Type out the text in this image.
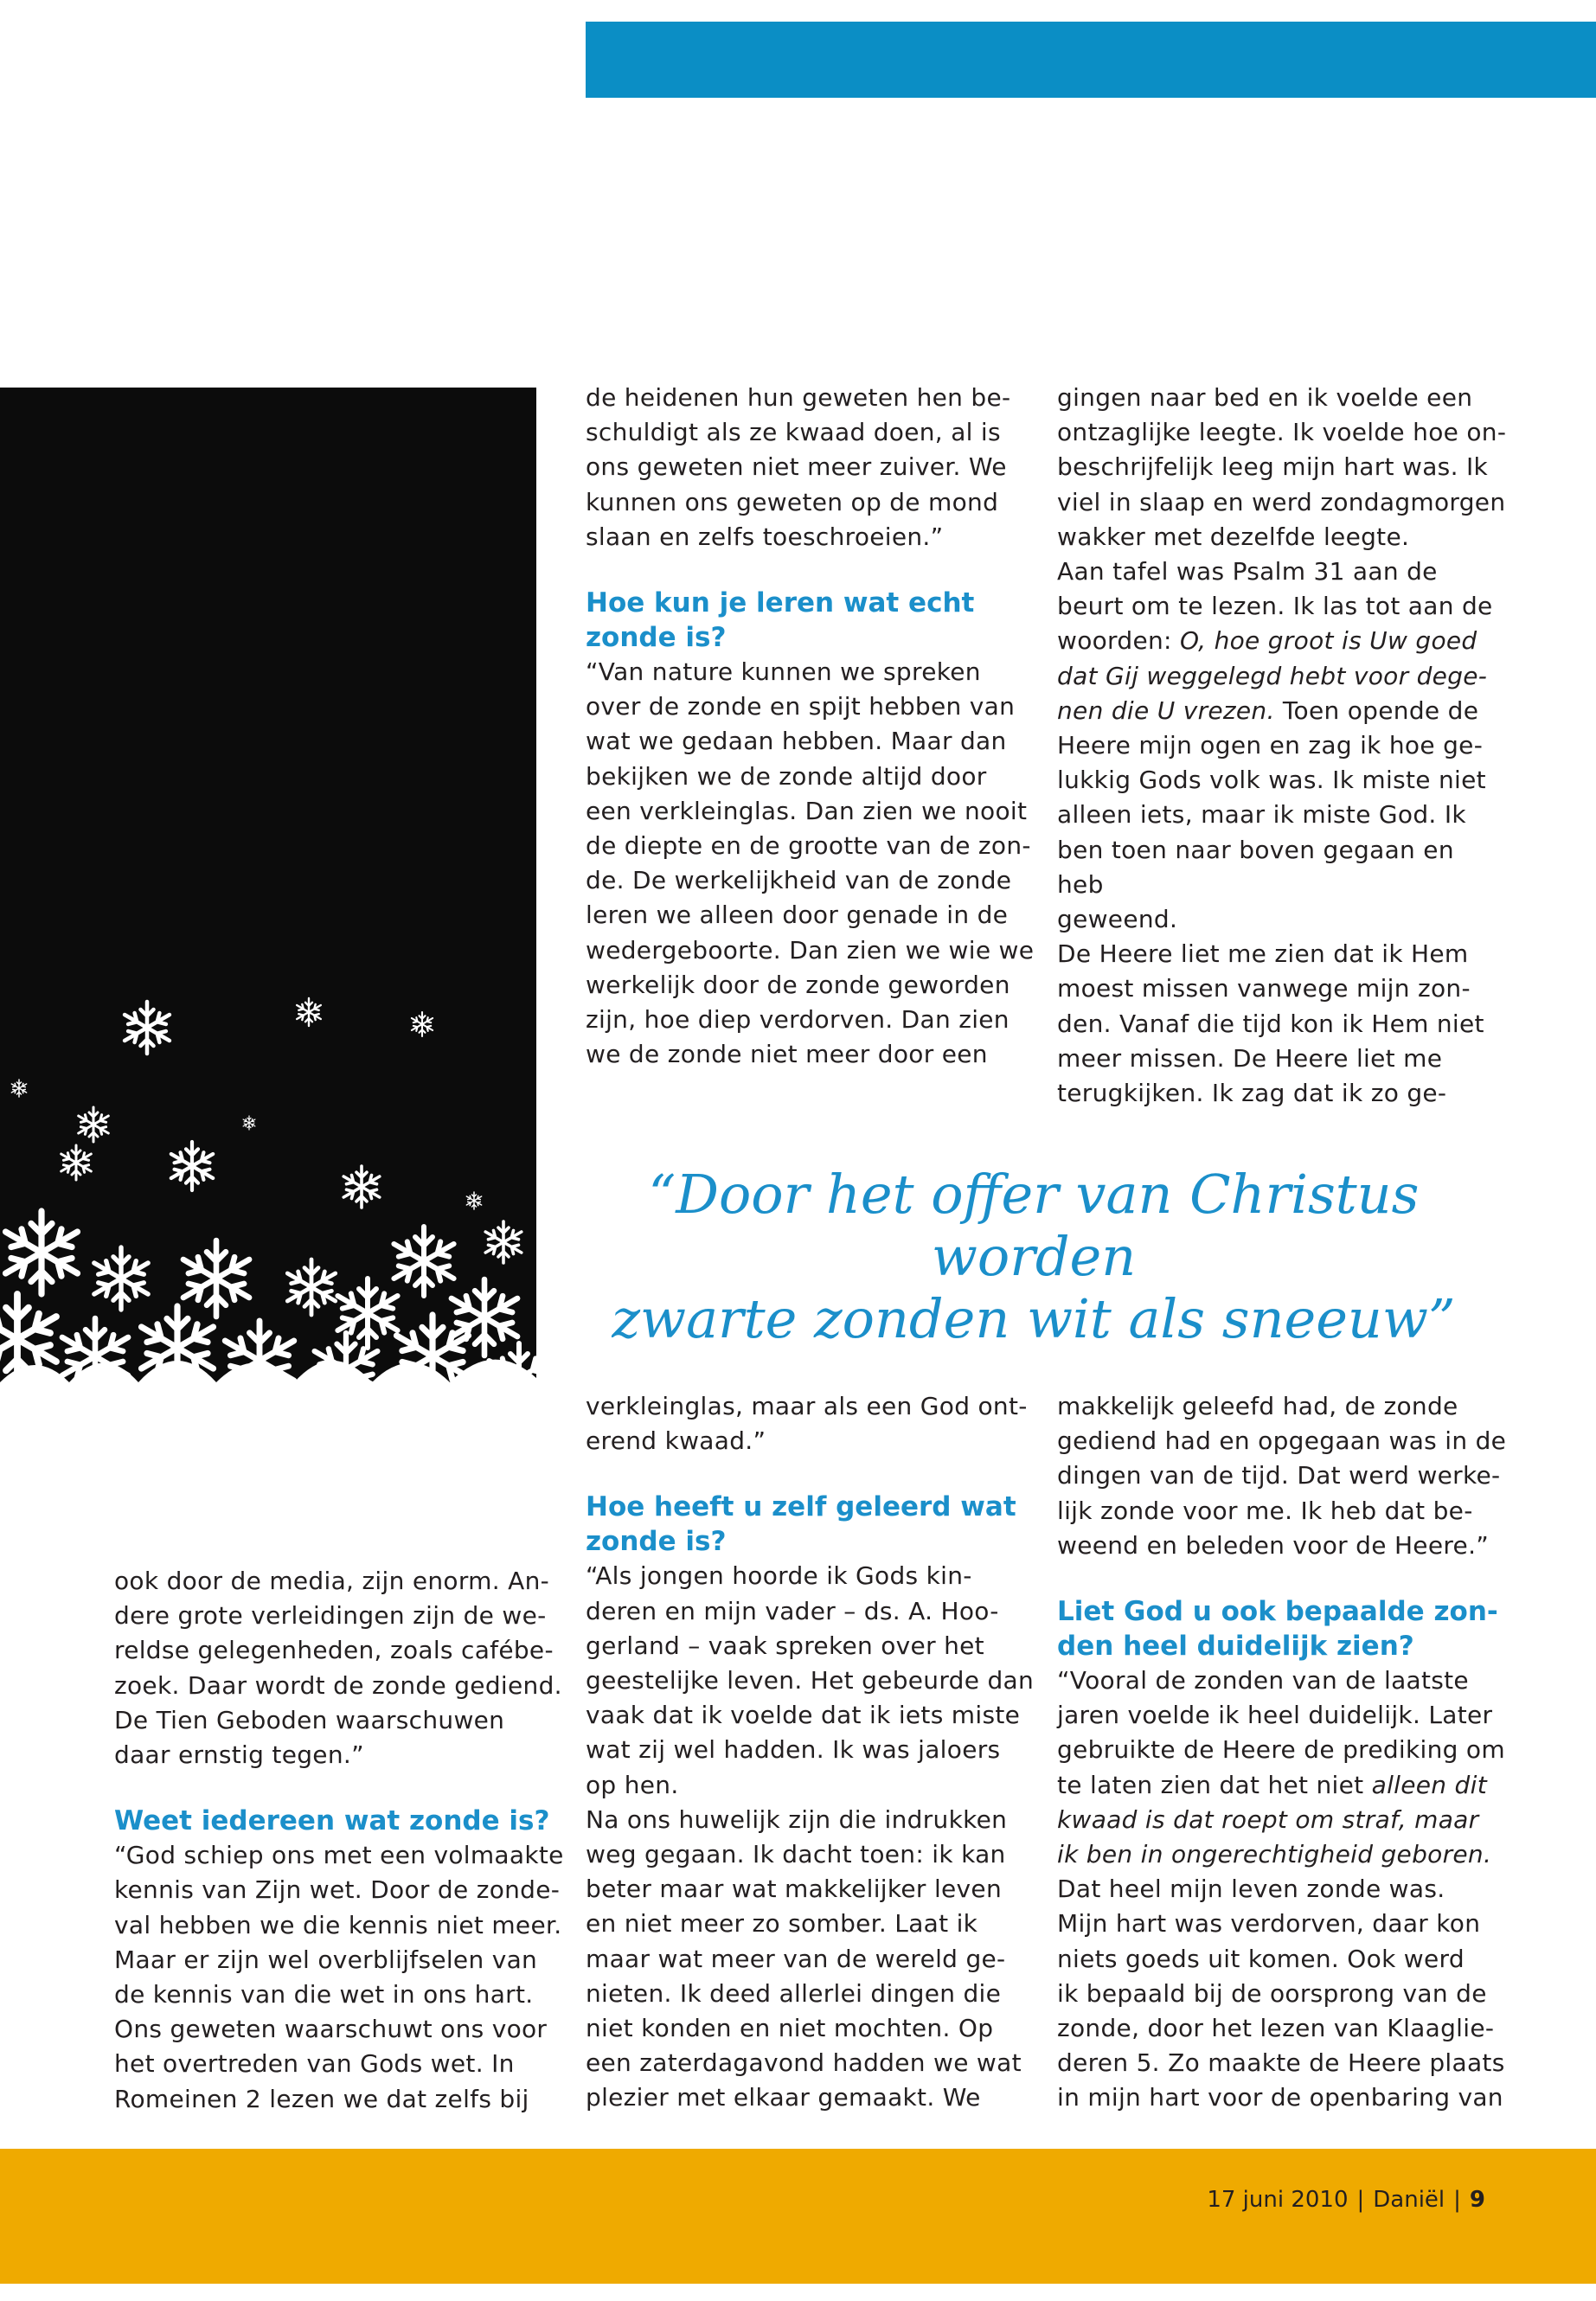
de heidenen hun geweten hen be-
schuldigt als ze kwaad doen, al is
ons geweten niet meer zuiver. We
kunnen ons geweten op de mond
slaan en zelfs toeschroeien.”

Hoe kun je leren wat echt
zonde is?

“Van nature kunnen we spreken
over de zonde en spijt hebben van
wat we gedaan hebben. Maar dan
bekijken we de zonde altijd door
een verkleinglas. Dan zien we nooit
de diepte en de grootte van de zon-
de. De werkelijkheid van de zonde
leren we alleen door genade in de
wedergeboorte. Dan zien we wie we
werkelijk door de zonde geworden
zijn, hoe diep verdorven. Dan zien
we de zonde niet meer door een

gingen naar bed en ik voelde een
ontzaglijke leegte. Ik voelde hoe on-
beschrijfelijk leeg mijn hart was. Ik
viel in slaap en werd zondagmorgen
wakker met dezelfde leegte.
Aan tafel was Psalm 31 aan de
beurt om te lezen. Ik las tot aan de
woorden: O, hoe groot is Uw goed
dat Gij weggelegd hebt voor dege-
nen die U vrezen. Toen opende de
Heere mijn ogen en zag ik hoe ge-
lukkig Gods volk was. Ik miste niet
alleen iets, maar ik miste God. Ik
ben toen naar boven gegaan en heb
geweend.
De Heere liet me zien dat ik Hem
moest missen vanwege mijn zon-
den. Vanaf die tijd kon ik Hem niet
meer missen. De Heere liet me
terugkijken. Ik zag dat ik zo ge-

“Door het offer van Christus worden
zwarte zonden wit als sneeuw”

verkleinglas, maar als een God ont-
erend kwaad.”

Hoe heeft u zelf geleerd wat
zonde is?

“Als jongen hoorde ik Gods kin-
deren en mijn vader – ds. A. Hoo-
gerland – vaak spreken over het
geestelijke leven. Het gebeurde dan
vaak dat ik voelde dat ik iets miste
wat zij wel hadden. Ik was jaloers
op hen.
Na ons huwelijk zijn die indrukken
weg gegaan. Ik dacht toen: ik kan
beter maar wat makkelijker leven
en niet meer zo somber. Laat ik
maar wat meer van de wereld ge-
nieten. Ik deed allerlei dingen die
niet konden en niet mochten. Op
een zaterdagavond hadden we wat
plezier met elkaar gemaakt. We

makkelijk geleefd had, de zonde
gediend had en opgegaan was in de
dingen van de tijd. Dat werd werke-
lijk zonde voor me. Ik heb dat be-
weend en beleden voor de Heere.”

Liet God u ook bepaalde zon-
den heel duidelijk zien?

“Vooral de zonden van de laatste
jaren voelde ik heel duidelijk. Later
gebruikte de Heere de prediking om
te laten zien dat het niet alleen dit
kwaad is dat roept om straf, maar
ik ben in ongerechtigheid geboren.
Dat heel mijn leven zonde was.
Mijn hart was verdorven, daar kon
niets goeds uit komen. Ook werd
ik bepaald bij de oorsprong van de
zonde, door het lezen van Klaaglie-
deren 5. Zo maakte de Heere plaats
in mijn hart voor de openbaring van

ook door de media, zijn enorm. An-
dere grote verleidingen zijn de we-
reldse gelegenheden, zoals cafébe-
zoek. Daar wordt de zonde gediend.
De Tien Geboden waarschuwen
daar ernstig tegen.”

Weet iedereen wat zonde is?

“God schiep ons met een volmaakte
kennis van Zijn wet. Door de zonde-
val hebben we die kennis niet meer.
Maar er zijn wel overblijfselen van
de kennis van die wet in ons hart.
Ons geweten waarschuwt ons voor
het overtreden van Gods wet. In
Romeinen 2 lezen we dat zelfs bij

17 juni 2010 | Daniël | 9
